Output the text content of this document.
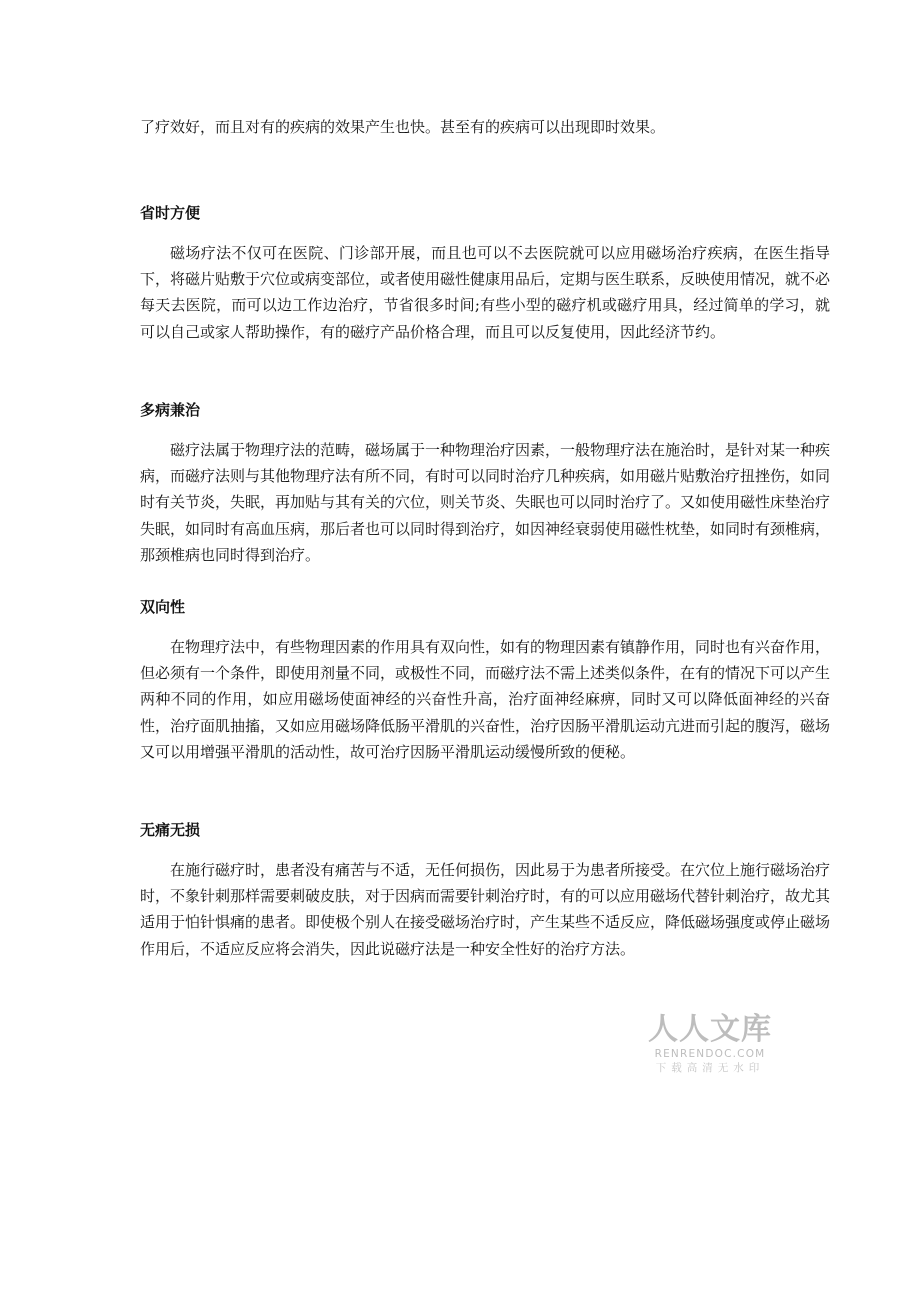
了疗效好，而且对有的疾病的效果产生也快。甚至有的疾病可以出现即时效果。

省时方便

磁场疗法不仅可在医院、门诊部开展，而且也可以不去医院就可以应用磁场治疗疾病，在医生指导下，将磁片贴敷于穴位或病变部位，或者使用磁性健康用品后，定期与医生联系，反映使用情况，就不必每天去医院，而可以边工作边治疗，节省很多时间;有些小型的磁疗机或磁疗用具，经过简单的学习，就可以自己或家人帮助操作，有的磁疗产品价格合理，而且可以反复使用，因此经济节约。

多病兼治

磁疗法属于物理疗法的范畴，磁场属于一种物理治疗因素，一般物理疗法在施治时，是针对某一种疾病，而磁疗法则与其他物理疗法有所不同，有时可以同时治疗几种疾病，如用磁片贴敷治疗扭挫伤，如同时有关节炎，失眠，再加贴与其有关的穴位，则关节炎、失眠也可以同时治疗了。又如使用磁性床垫治疗失眠，如同时有高血压病，那后者也可以同时得到治疗，如因神经衰弱使用磁性枕垫，如同时有颈椎病，那颈椎病也同时得到治疗。

双向性

在物理疗法中，有些物理因素的作用具有双向性，如有的物理因素有镇静作用，同时也有兴奋作用，但必须有一个条件，即使用剂量不同，或极性不同，而磁疗法不需上述类似条件，在有的情况下可以产生两种不同的作用，如应用磁场使面神经的兴奋性升高，治疗面神经麻痹，同时又可以降低面神经的兴奋性，治疗面肌抽搐，又如应用磁场降低肠平滑肌的兴奋性，治疗因肠平滑肌运动亢进而引起的腹泻，磁场又可以用增强平滑肌的活动性，故可治疗因肠平滑肌运动缓慢所致的便秘。

无痛无损

在施行磁疗时，患者没有痛苦与不适，无任何损伤，因此易于为患者所接受。在穴位上施行磁场治疗时，不象针刺那样需要刺破皮肤，对于因病而需要针刺治疗时，有的可以应用磁场代替针刺治疗，故尤其适用于怕针惧痛的患者。即使极个别人在接受磁场治疗时，产生某些不适反应，降低磁场强度或停止磁场作用后，不适应反应将会消失，因此说磁疗法是一种安全性好的治疗方法。

人人文库
RENRENDOC.COM
下载高清无水印
